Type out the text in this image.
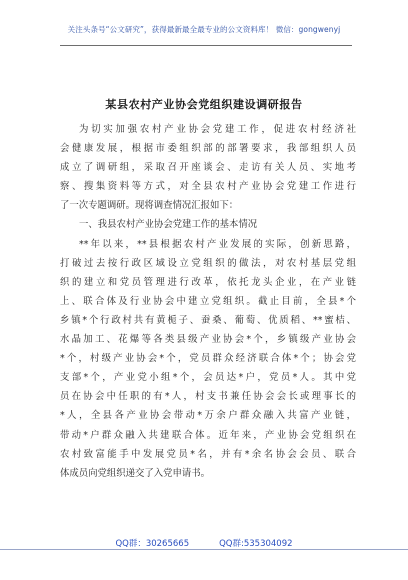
关注头条号“公文研究”，获得最新最全最专业的公文资料库！ 微信：gongwenyj
某县农村产业协会党组织建设调研报告
为切实加强农村产业协会党建工作，促进农村经济社
会健康发展，根据市委组织部的部署要求，我部组织人员
成立了调研组，采取召开座谈会、走访有关人员、实地考
察、搜集资料等方式，对全县农村产业协会党建工作进行
了一次专题调研。现将调查情况汇报如下：
一、我县农村产业协会党建工作的基本情况
**年以来，**县根据农村产业发展的实际，创新思路，
打破过去按行政区域设立党组织的做法，对农村基层党组
织的建立和党员管理进行改革，依托龙头企业，在产业链
上、联合体及行业协会中建立党组织。截止目前，全县*个
乡镇*个行政村共有黄栀子、蚕桑、葡萄、优质稻、**蜜桔、
水晶加工、花爆等各类县级产业协会*个，乡镇级产业协会
*个，村级产业协会*个，党员群众经济联合体*个；协会党
支部*个，产业党小组*个，会员达*户，党员*人。其中党
员在协会中任职的有*人，村支书兼任协会会长或理事长的
*人，全县各产业协会带动*万余户群众融入共富产业链，
带动*户群众融入共建联合体。近年来，产业协会党组织在
农村致富能手中发展党员*名，并有*余名协会会员、联合
体成员向党组织递交了入党申请书。
QQ群：30265665	QQ群:535304092
